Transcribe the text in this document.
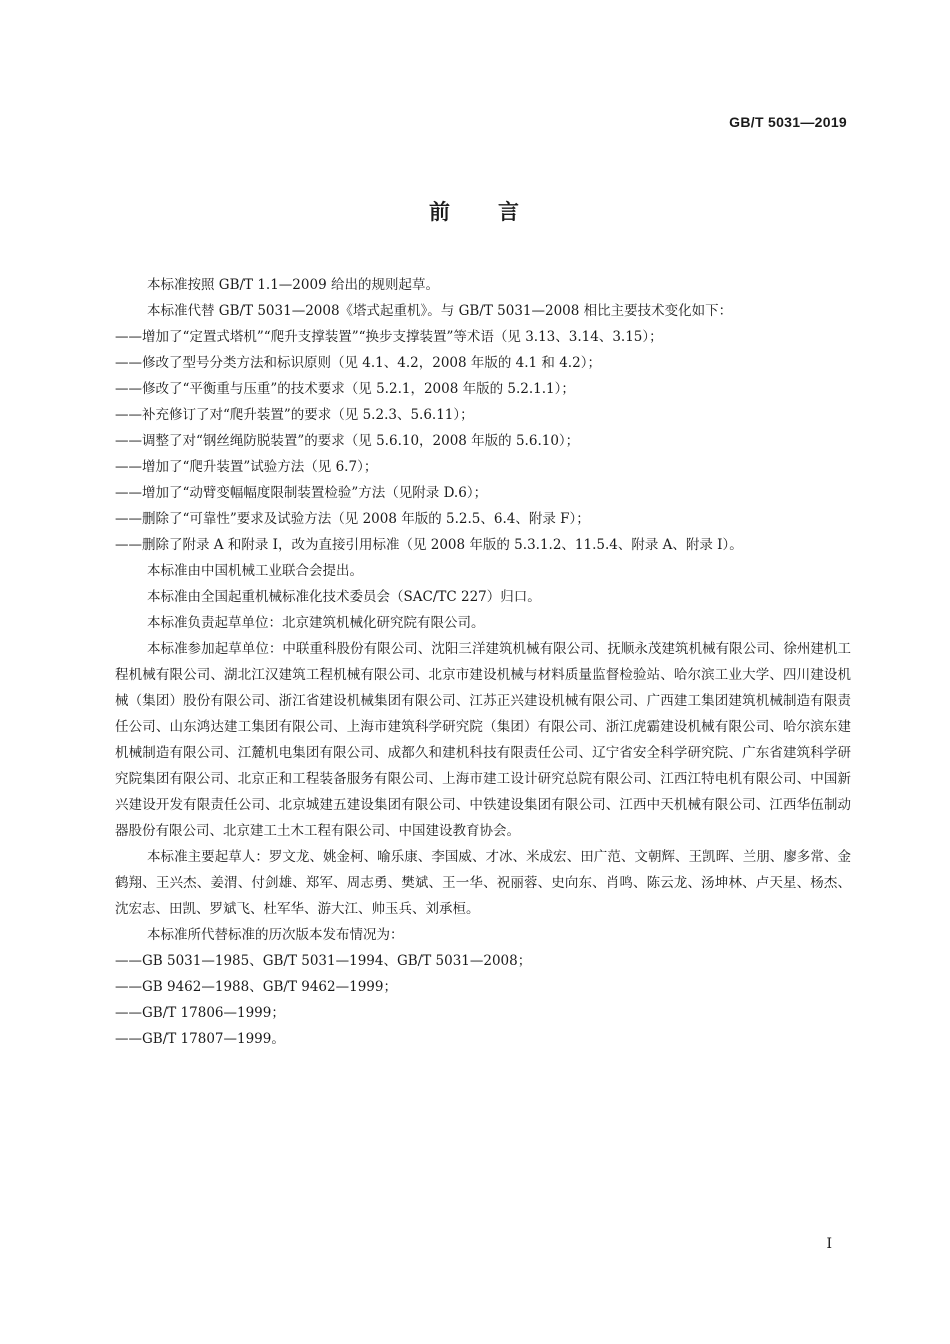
GB/T 5031—2019
前 言

本标准按照 GB/T 1.1—2009 给出的规则起草。

本标准代替 GB/T 5031—2008《塔式起重机》。与 GB/T 5031—2008 相比主要技术变化如下：

——增加了“定置式塔机”“爬升支撑装置”“换步支撑装置”等术语（见 3.13、3.14、3.15）；

——修改了型号分类方法和标识原则（见 4.1、4.2，2008 年版的 4.1 和 4.2）；

——修改了“平衡重与压重”的技术要求（见 5.2.1，2008 年版的 5.2.1.1）；

——补充修订了对“爬升装置”的要求（见 5.2.3、5.6.11）；

——调整了对“钢丝绳防脱装置”的要求（见 5.6.10，2008 年版的 5.6.10）；

——增加了“爬升装置”试验方法（见 6.7）；

——增加了“动臂变幅幅度限制装置检验”方法（见附录 D.6）；

——删除了“可靠性”要求及试验方法（见 2008 年版的 5.2.5、6.4、附录 F）；

——删除了附录 A 和附录 I，改为直接引用标准（见 2008 年版的 5.3.1.2、11.5.4、附录 A、附录 I）。

本标准由中国机械工业联合会提出。

本标准由全国起重机械标准化技术委员会（SAC/TC 227）归口。

本标准负责起草单位：北京建筑机械化研究院有限公司。

本标准参加起草单位：中联重科股份有限公司、沈阳三洋建筑机械有限公司、抚顺永茂建筑机械有限公司、徐州建机工程机械有限公司、湖北江汉建筑工程机械有限公司、北京市建设机械与材料质量监督检验站、哈尔滨工业大学、四川建设机械（集团）股份有限公司、浙江省建设机械集团有限公司、江苏正兴建设机械有限公司、广西建工集团建筑机械制造有限责任公司、山东鸿达建工集团有限公司、上海市建筑科学研究院（集团）有限公司、浙江虎霸建设机械有限公司、哈尔滨东建机械制造有限公司、江麓机电集团有限公司、成都久和建机科技有限责任公司、辽宁省安全科学研究院、广东省建筑科学研究院集团有限公司、北京正和工程装备服务有限公司、上海市建工设计研究总院有限公司、江西江特电机有限公司、中国新兴建设开发有限责任公司、北京城建五建设集团有限公司、中铁建设集团有限公司、江西中天机械有限公司、江西华伍制动器股份有限公司、北京建工土木工程有限公司、中国建设教育协会。

本标准主要起草人：罗文龙、姚金柯、喻乐康、李国威、才冰、米成宏、田广范、文朝辉、王凯晖、兰朋、廖多常、金鹤翔、王兴杰、姜渭、付剑雄、郑军、周志勇、樊斌、王一华、祝丽蓉、史向东、肖鸣、陈云龙、汤坤林、卢天星、杨杰、沈宏志、田凯、罗斌飞、杜军华、游大江、帅玉兵、刘承桓。

本标准所代替标准的历次版本发布情况为：

——GB 5031—1985、GB/T 5031—1994、GB/T 5031—2008；

——GB 9462—1988、GB/T 9462—1999；

——GB/T 17806—1999；

——GB/T 17807—1999。

I
